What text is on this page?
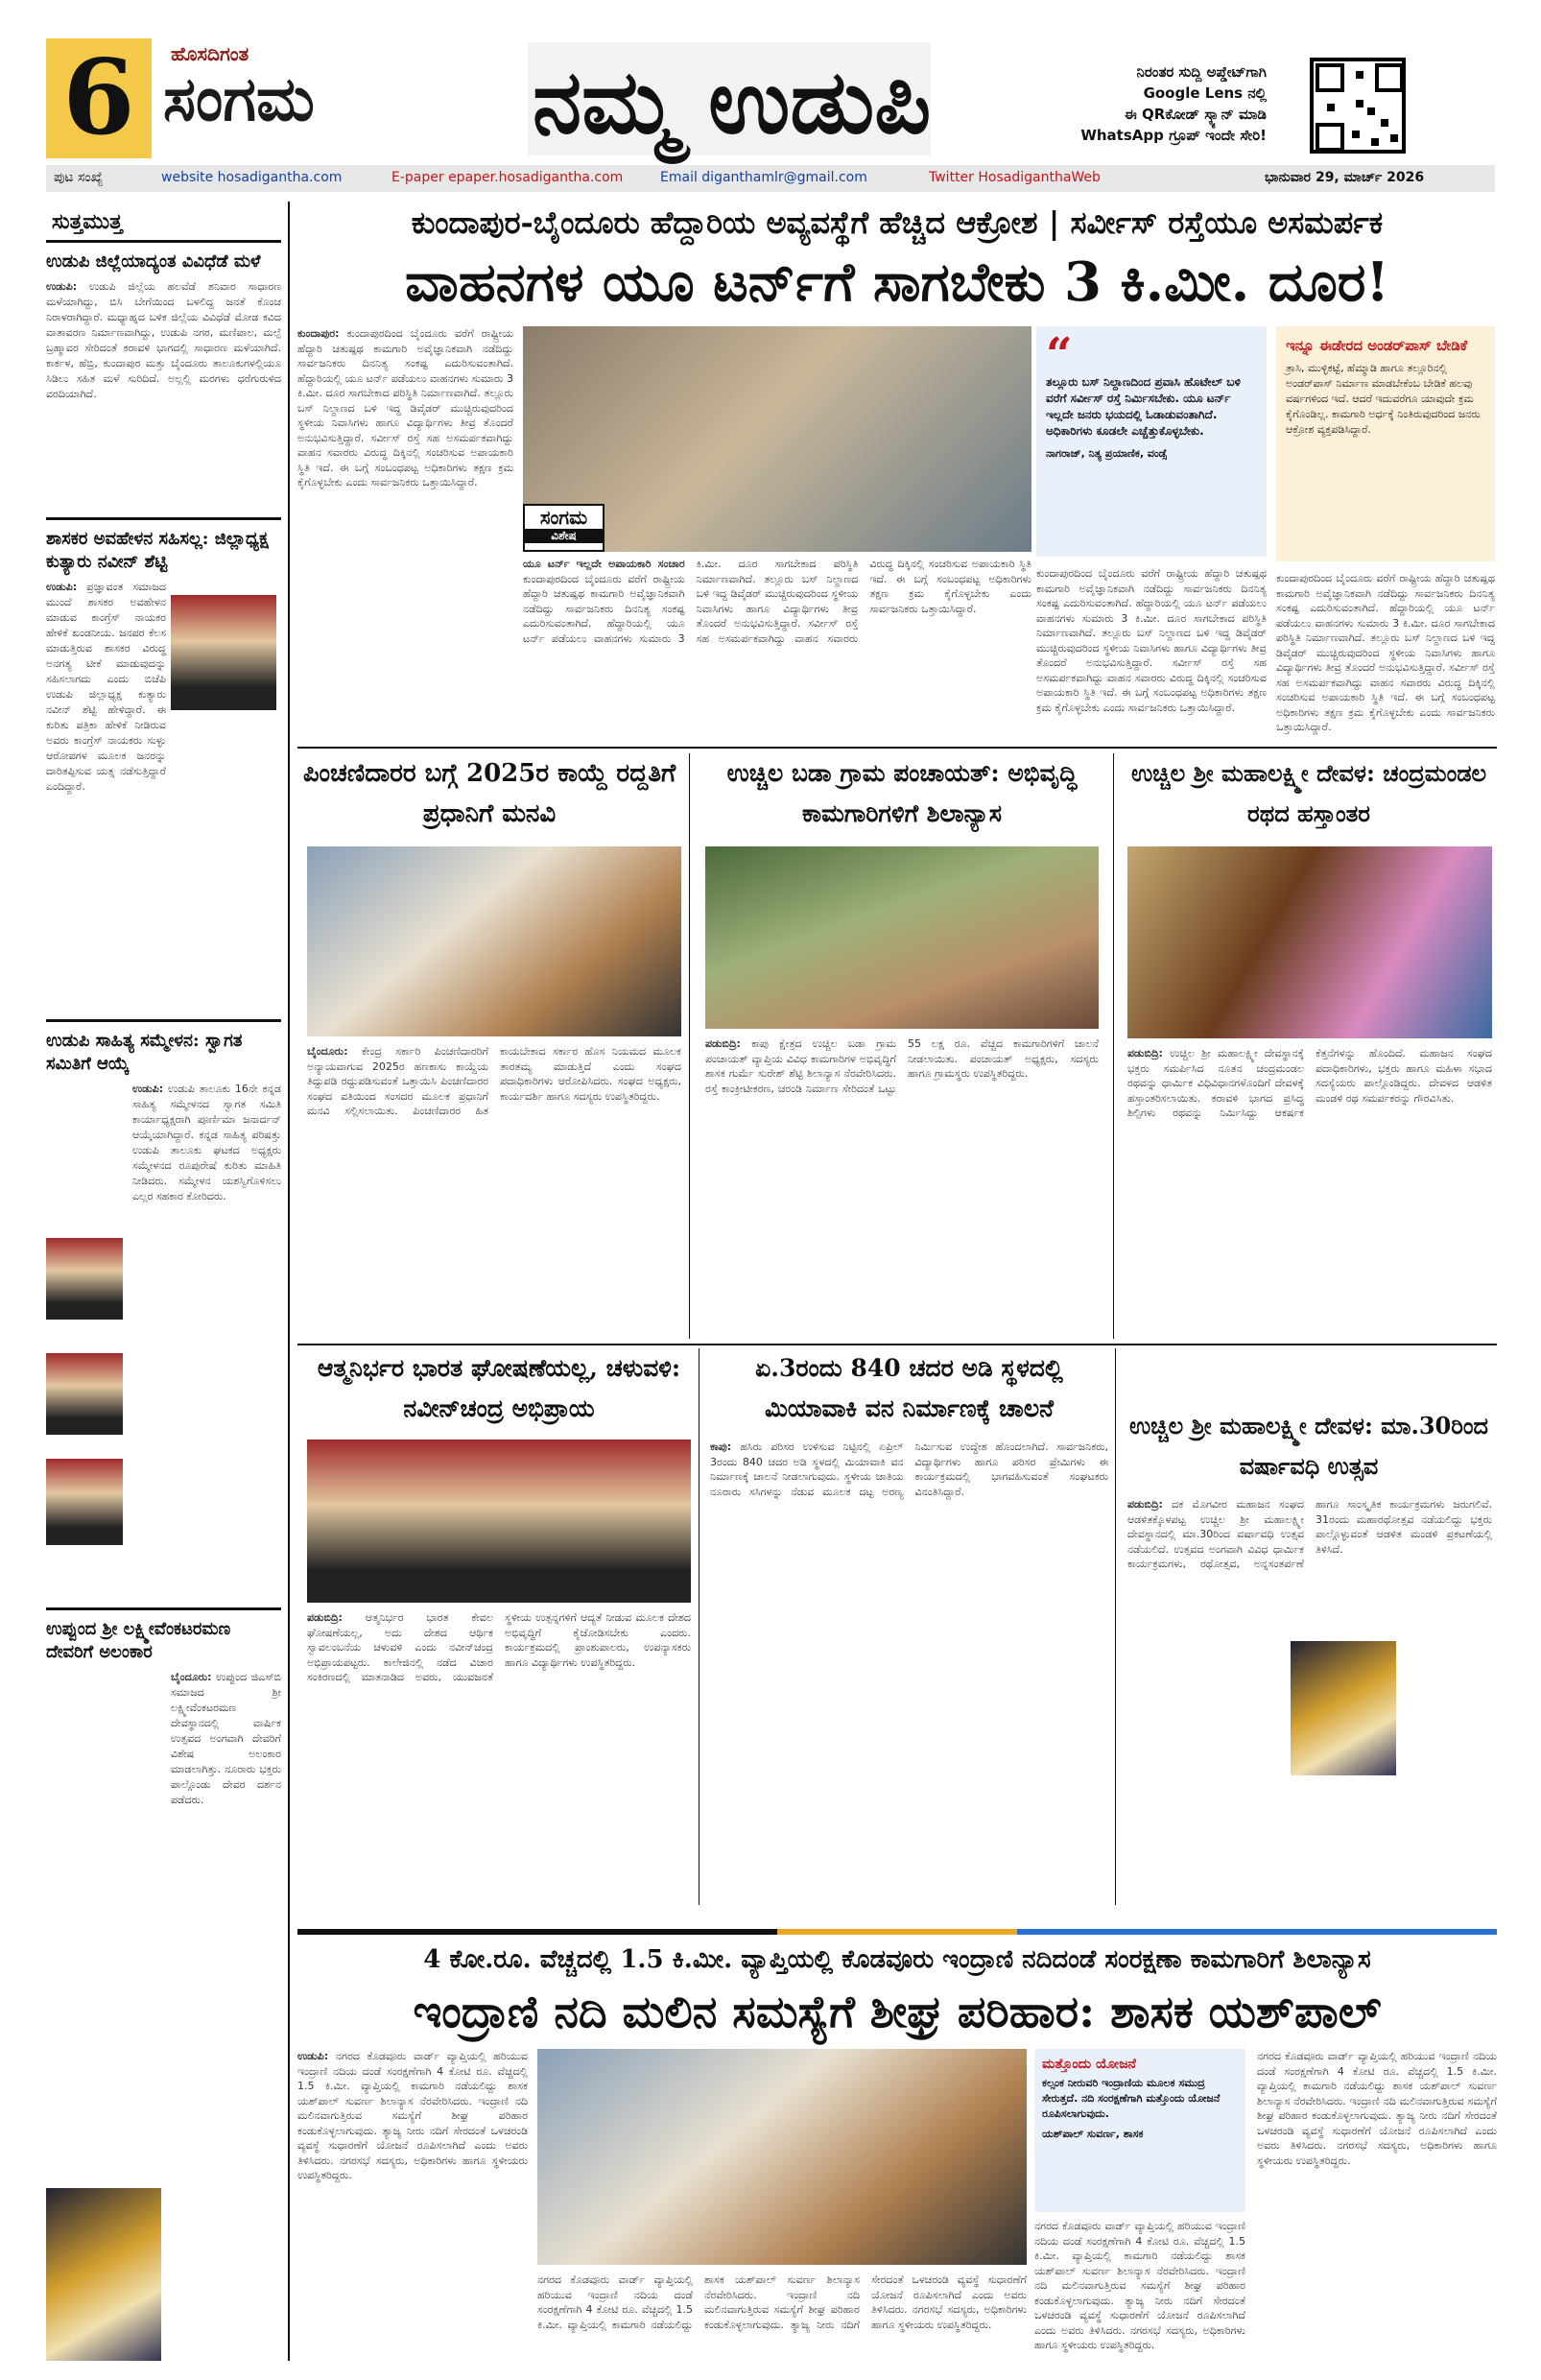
6	ಹೊಸದಿಗಂತ
ಸಂಗಮ ನಮ್ಮ ಉಡುಪಿ	ನಿರಂತರ ಸುದ್ದಿ ಅಪ್ಡೇಟ್‌ಗಾಗಿ
Google Lens ನಲ್ಲಿ
ಈ QRಕೋಡ್ ಸ್ಕ್ಯಾನ್ ಮಾಡಿ
WhatsApp ಗ್ರೂಪ್ ಇಂದೇ ಸೇರಿ!
ಪುಟ ಸಂಖ್ಯೆ	website hosadigantha.com	E-paper epaper.hosadigantha.com	Email diganthamlr@gmail.com	Twitter HosadiganthaWeb	ಭಾನುವಾರ 29, ಮಾರ್ಚ್ 2026
ಸುತ್ತಮುತ್ತ
ಉಡುಪಿ ಜಿಲ್ಲೆಯಾದ್ಯಂತ ವಿವಿಧೆಡೆ ಮಳೆ
ಉಡುಪಿ: ಉಡುಪಿ ಜಿಲ್ಲೆಯ ಹಲವೆಡೆ ಶನಿವಾರ ಸಾಧಾರಣ ಮಳೆಯಾಗಿದ್ದು, ಬಿಸಿ ಬೇಗೆಯಿಂದ ಬಳಲಿದ್ದ ಜನತೆ ಕೊಂಚ ನಿರಾಳರಾಗಿದ್ದಾರೆ. ಮಧ್ಯಾಹ್ನದ ಬಳಿಕ ಜಿಲ್ಲೆಯ ವಿವಿಧೆಡೆ ಮೋಡ ಕವಿದ ವಾತಾವರಣ ನಿರ್ಮಾಣವಾಗಿದ್ದು, ಉಡುಪಿ ನಗರ, ಮಣಿಪಾಲ, ಮಲ್ಪೆ ಬ್ರಹ್ಮಾವರ ಸೇರಿದಂತೆ ಕರಾವಳಿ ಭಾಗದಲ್ಲಿ ಸಾಧಾರಣ ಮಳೆಯಾಗಿದೆ. ಕಾರ್ಕಳ, ಹೆಬ್ರಿ, ಕುಂದಾಪುರ ಮತ್ತು ಬೈಂದೂರು ತಾಲೂಕುಗಳಲ್ಲಿಯೂ ಸಿಡಿಲು ಸಹಿತ ಮಳೆ ಸುರಿದಿದೆ. ಅಲ್ಲಲ್ಲಿ ಮರಗಳು ಧರೆಗುರುಳಿದ ವರದಿಯಾಗಿದೆ.
ಶಾಸಕರ ಅವಹೇಳನ ಸಹಿಸಲ್ಲ: ಜಿಲ್ಲಾಧ್ಯಕ್ಷ ಕುತ್ಯಾರು ನವೀನ್ ಶೆಟ್ಟಿ
ಉಡುಪಿ: ಪ್ರಜ್ಞಾವಂತ ಸಮಾಜದ ಮುಂದೆ ಶಾಸಕರ ಅವಹೇಳನ ಮಾಡುವ ಕಾಂಗ್ರೆಸ್ ನಾಯಕರ ಹೇಳಿಕೆ ಖಂಡನೀಯ. ಜನಪರ ಕೆಲಸ ಮಾಡುತ್ತಿರುವ ಶಾಸಕರ ವಿರುದ್ಧ ಅನಗತ್ಯ ಟೀಕೆ ಮಾಡುವುದನ್ನು ಸಹಿಸಲಾಗದು ಎಂದು ಬಿಜೆಪಿ ಉಡುಪಿ ಜಿಲ್ಲಾಧ್ಯಕ್ಷ ಕುತ್ಯಾರು ನವೀನ್ ಶೆಟ್ಟಿ ಹೇಳಿದ್ದಾರೆ. ಈ ಕುರಿತು ಪತ್ರಿಕಾ ಹೇಳಿಕೆ ನೀಡಿರುವ ಅವರು ಕಾಂಗ್ರೆಸ್ ನಾಯಕರು ಸುಳ್ಳು ಆರೋಪಗಳ ಮೂಲಕ ಜನರನ್ನು ದಾರಿತಪ್ಪಿಸುವ ಯತ್ನ ನಡೆಸುತ್ತಿದ್ದಾರೆ ಎಂದಿದ್ದಾರೆ.
ಉಡುಪಿ ಸಾಹಿತ್ಯ ಸಮ್ಮೇಳನ: ಸ್ವಾಗತ ಸಮಿತಿಗೆ ಆಯ್ಕೆ
ಉಡುಪಿ: ಉಡುಪಿ ತಾಲೂಕು 16ನೇ ಕನ್ನಡ ಸಾಹಿತ್ಯ ಸಮ್ಮೇಳನದ ಸ್ವಾಗತ ಸಮಿತಿ ಕಾರ್ಯಾಧ್ಯಕ್ಷರಾಗಿ ಪೂರ್ಣಿಮಾ ಜನಾರ್ದನ್ ಆಯ್ಕೆಯಾಗಿದ್ದಾರೆ. ಕನ್ನಡ ಸಾಹಿತ್ಯ ಪರಿಷತ್ತು ಉಡುಪಿ ತಾಲೂಕು ಘಟಕದ ಅಧ್ಯಕ್ಷರು ಸಮ್ಮೇಳನದ ರೂಪುರೇಷೆ ಕುರಿತು ಮಾಹಿತಿ ನೀಡಿದರು. ಸಮ್ಮೇಳನ ಯಶಸ್ವಿಗೊಳಿಸಲು ಎಲ್ಲರ ಸಹಕಾರ ಕೋರಿದರು.
ಉಪ್ಪುಂದ ಶ್ರೀ ಲಕ್ಷ್ಮೀವೆಂಕಟರಮಣ ದೇವರಿಗೆ ಅಲಂಕಾರ
ಬೈಂದೂರು: ಉಪ್ಪುಂದ ಜಿಎಸ್‌ಬಿ ಸಮಾಜದ ಶ್ರೀ ಲಕ್ಷ್ಮೀವೆಂಕಟರಮಣ ದೇವಸ್ಥಾನದಲ್ಲಿ ವಾರ್ಷಿಕ ಉತ್ಸವದ ಅಂಗವಾಗಿ ದೇವರಿಗೆ ವಿಶೇಷ ಅಲಂಕಾರ ಮಾಡಲಾಗಿತ್ತು. ನೂರಾರು ಭಕ್ತರು ಪಾಲ್ಗೊಂಡು ದೇವರ ದರ್ಶನ ಪಡೆದರು.
ಕುಂದಾಪುರ-ಬೈಂದೂರು ಹೆದ್ದಾರಿಯ ಅವ್ಯವಸ್ಥೆಗೆ ಹೆಚ್ಚಿದ ಆಕ್ರೋಶ | ಸರ್ವೀಸ್ ರಸ್ತೆಯೂ ಅಸಮರ್ಪಕ
ವಾಹನಗಳ ಯೂ ಟರ್ನ್‌ಗೆ ಸಾಗಬೇಕು 3 ಕಿ.ಮೀ. ದೂರ!
ಸಂಗಮ
ವಿಶೇಷ
ಕುಂದಾಪುರ: ಕುಂದಾಪುರದಿಂದ ಬೈಂದೂರು ವರೆಗೆ ರಾಷ್ಟ್ರೀಯ ಹೆದ್ದಾರಿ ಚತುಷ್ಪಥ ಕಾಮಗಾರಿ ಅವೈಜ್ಞಾನಿಕವಾಗಿ ನಡೆದಿದ್ದು ಸಾರ್ವಜನಿಕರು ದಿನನಿತ್ಯ ಸಂಕಷ್ಟ ಎದುರಿಸುವಂತಾಗಿದೆ. ಹೆದ್ದಾರಿಯಲ್ಲಿ ಯೂ ಟರ್ನ್ ಪಡೆಯಲು ವಾಹನಗಳು ಸುಮಾರು 3 ಕಿ.ಮೀ. ದೂರ ಸಾಗಬೇಕಾದ ಪರಿಸ್ಥಿತಿ ನಿರ್ಮಾಣವಾಗಿದೆ. ತಲ್ಲೂರು ಬಸ್ ನಿಲ್ದಾಣದ ಬಳಿ ಇದ್ದ ಡಿವೈಡರ್ ಮುಚ್ಚಿರುವುದರಿಂದ ಸ್ಥಳೀಯ ನಿವಾಸಿಗಳು ಹಾಗೂ ವಿದ್ಯಾರ್ಥಿಗಳು ತೀವ್ರ ತೊಂದರೆ ಅನುಭವಿಸುತ್ತಿದ್ದಾರೆ. ಸರ್ವೀಸ್ ರಸ್ತೆ ಸಹ ಅಸಮರ್ಪಕವಾಗಿದ್ದು ವಾಹನ ಸವಾರರು ವಿರುದ್ಧ ದಿಕ್ಕಿನಲ್ಲಿ ಸಂಚರಿಸುವ ಅಪಾಯಕಾರಿ ಸ್ಥಿತಿ ಇದೆ. ಈ ಬಗ್ಗೆ ಸಂಬಂಧಪಟ್ಟ ಅಧಿಕಾರಿಗಳು ತಕ್ಷಣ ಕ್ರಮ ಕೈಗೊಳ್ಳಬೇಕು ಎಂದು ಸಾರ್ವಜನಿಕರು ಒತ್ತಾಯಿಸಿದ್ದಾರೆ.
ಯೂ ಟರ್ನ್ ಇಲ್ಲದೇ ಅಪಾಯಕಾರಿ ಸಂಚಾರ ಕುಂದಾಪುರದಿಂದ ಬೈಂದೂರು ವರೆಗೆ ರಾಷ್ಟ್ರೀಯ ಹೆದ್ದಾರಿ ಚತುಷ್ಪಥ ಕಾಮಗಾರಿ ಅವೈಜ್ಞಾನಿಕವಾಗಿ ನಡೆದಿದ್ದು ಸಾರ್ವಜನಿಕರು ದಿನನಿತ್ಯ ಸಂಕಷ್ಟ ಎದುರಿಸುವಂತಾಗಿದೆ. ಹೆದ್ದಾರಿಯಲ್ಲಿ ಯೂ ಟರ್ನ್ ಪಡೆಯಲು ವಾಹನಗಳು ಸುಮಾರು 3 ಕಿ.ಮೀ. ದೂರ ಸಾಗಬೇಕಾದ ಪರಿಸ್ಥಿತಿ ನಿರ್ಮಾಣವಾಗಿದೆ. ತಲ್ಲೂರು ಬಸ್ ನಿಲ್ದಾಣದ ಬಳಿ ಇದ್ದ ಡಿವೈಡರ್ ಮುಚ್ಚಿರುವುದರಿಂದ ಸ್ಥಳೀಯ ನಿವಾಸಿಗಳು ಹಾಗೂ ವಿದ್ಯಾರ್ಥಿಗಳು ತೀವ್ರ ತೊಂದರೆ ಅನುಭವಿಸುತ್ತಿದ್ದಾರೆ. ಸರ್ವೀಸ್ ರಸ್ತೆ ಸಹ ಅಸಮರ್ಪಕವಾಗಿದ್ದು ವಾಹನ ಸವಾರರು ವಿರುದ್ಧ ದಿಕ್ಕಿನಲ್ಲಿ ಸಂಚರಿಸುವ ಅಪಾಯಕಾರಿ ಸ್ಥಿತಿ ಇದೆ. ಈ ಬಗ್ಗೆ ಸಂಬಂಧಪಟ್ಟ ಅಧಿಕಾರಿಗಳು ತಕ್ಷಣ ಕ್ರಮ ಕೈಗೊಳ್ಳಬೇಕು ಎಂದು ಸಾರ್ವಜನಿಕರು ಒತ್ತಾಯಿಸಿದ್ದಾರೆ.
“
ತಲ್ಲೂರು ಬಸ್ ನಿಲ್ದಾಣದಿಂದ ಪ್ರವಾಸಿ ಹೊಟೇಲ್ ಬಳಿ ವರೆಗೆ ಸರ್ವೀಸ್ ರಸ್ತೆ ನಿರ್ಮಿಸಬೇಕು. ಯೂ ಟರ್ನ್ ಇಲ್ಲದೇ ಜನರು ಭಯದಲ್ಲಿ ಓಡಾಡುವಂತಾಗಿದೆ. ಅಧಿಕಾರಿಗಳು ಕೂಡಲೇ ಎಚ್ಚೆತ್ತುಕೊಳ್ಳಬೇಕು.
ನಾಗರಾಜ್, ನಿತ್ಯ ಪ್ರಯಾಣಿಕ, ವಂಡ್ಸೆ
ಕುಂದಾಪುರದಿಂದ ಬೈಂದೂರು ವರೆಗೆ ರಾಷ್ಟ್ರೀಯ ಹೆದ್ದಾರಿ ಚತುಷ್ಪಥ ಕಾಮಗಾರಿ ಅವೈಜ್ಞಾನಿಕವಾಗಿ ನಡೆದಿದ್ದು ಸಾರ್ವಜನಿಕರು ದಿನನಿತ್ಯ ಸಂಕಷ್ಟ ಎದುರಿಸುವಂತಾಗಿದೆ. ಹೆದ್ದಾರಿಯಲ್ಲಿ ಯೂ ಟರ್ನ್ ಪಡೆಯಲು ವಾಹನಗಳು ಸುಮಾರು 3 ಕಿ.ಮೀ. ದೂರ ಸಾಗಬೇಕಾದ ಪರಿಸ್ಥಿತಿ ನಿರ್ಮಾಣವಾಗಿದೆ. ತಲ್ಲೂರು ಬಸ್ ನಿಲ್ದಾಣದ ಬಳಿ ಇದ್ದ ಡಿವೈಡರ್ ಮುಚ್ಚಿರುವುದರಿಂದ ಸ್ಥಳೀಯ ನಿವಾಸಿಗಳು ಹಾಗೂ ವಿದ್ಯಾರ್ಥಿಗಳು ತೀವ್ರ ತೊಂದರೆ ಅನುಭವಿಸುತ್ತಿದ್ದಾರೆ. ಸರ್ವೀಸ್ ರಸ್ತೆ ಸಹ ಅಸಮರ್ಪಕವಾಗಿದ್ದು ವಾಹನ ಸವಾರರು ವಿರುದ್ಧ ದಿಕ್ಕಿನಲ್ಲಿ ಸಂಚರಿಸುವ ಅಪಾಯಕಾರಿ ಸ್ಥಿತಿ ಇದೆ. ಈ ಬಗ್ಗೆ ಸಂಬಂಧಪಟ್ಟ ಅಧಿಕಾರಿಗಳು ತಕ್ಷಣ ಕ್ರಮ ಕೈಗೊಳ್ಳಬೇಕು ಎಂದು ಸಾರ್ವಜನಿಕರು ಒತ್ತಾಯಿಸಿದ್ದಾರೆ.
ಇನ್ನೂ ಈಡೇರದ ಅಂಡರ್‌ಪಾಸ್ ಬೇಡಿಕೆ
ತ್ರಾಸಿ, ಮುಳ್ಳಿಕಟ್ಟೆ, ಹೆಮ್ಮಾಡಿ ಹಾಗೂ ತಲ್ಲೂರಿನಲ್ಲಿ ಅಂಡರ್‌ಪಾಸ್ ನಿರ್ಮಾಣ ಮಾಡಬೇಕೆಂಬ ಬೇಡಿಕೆ ಹಲವು ವರ್ಷಗಳಿಂದ ಇದೆ. ಆದರೆ ಇದುವರೆಗೂ ಯಾವುದೇ ಕ್ರಮ ಕೈಗೊಂಡಿಲ್ಲ. ಕಾಮಗಾರಿ ಅರ್ಧಕ್ಕೆ ನಿಂತಿರುವುದರಿಂದ ಜನರು ಆಕ್ರೋಶ ವ್ಯಕ್ತಪಡಿಸಿದ್ದಾರೆ.
ಕುಂದಾಪುರದಿಂದ ಬೈಂದೂರು ವರೆಗೆ ರಾಷ್ಟ್ರೀಯ ಹೆದ್ದಾರಿ ಚತುಷ್ಪಥ ಕಾಮಗಾರಿ ಅವೈಜ್ಞಾನಿಕವಾಗಿ ನಡೆದಿದ್ದು ಸಾರ್ವಜನಿಕರು ದಿನನಿತ್ಯ ಸಂಕಷ್ಟ ಎದುರಿಸುವಂತಾಗಿದೆ. ಹೆದ್ದಾರಿಯಲ್ಲಿ ಯೂ ಟರ್ನ್ ಪಡೆಯಲು ವಾಹನಗಳು ಸುಮಾರು 3 ಕಿ.ಮೀ. ದೂರ ಸಾಗಬೇಕಾದ ಪರಿಸ್ಥಿತಿ ನಿರ್ಮಾಣವಾಗಿದೆ. ತಲ್ಲೂರು ಬಸ್ ನಿಲ್ದಾಣದ ಬಳಿ ಇದ್ದ ಡಿವೈಡರ್ ಮುಚ್ಚಿರುವುದರಿಂದ ಸ್ಥಳೀಯ ನಿವಾಸಿಗಳು ಹಾಗೂ ವಿದ್ಯಾರ್ಥಿಗಳು ತೀವ್ರ ತೊಂದರೆ ಅನುಭವಿಸುತ್ತಿದ್ದಾರೆ. ಸರ್ವೀಸ್ ರಸ್ತೆ ಸಹ ಅಸಮರ್ಪಕವಾಗಿದ್ದು ವಾಹನ ಸವಾರರು ವಿರುದ್ಧ ದಿಕ್ಕಿನಲ್ಲಿ ಸಂಚರಿಸುವ ಅಪಾಯಕಾರಿ ಸ್ಥಿತಿ ಇದೆ. ಈ ಬಗ್ಗೆ ಸಂಬಂಧಪಟ್ಟ ಅಧಿಕಾರಿಗಳು ತಕ್ಷಣ ಕ್ರಮ ಕೈಗೊಳ್ಳಬೇಕು ಎಂದು ಸಾರ್ವಜನಿಕರು ಒತ್ತಾಯಿಸಿದ್ದಾರೆ.
ಪಿಂಚಣಿದಾರರ ಬಗ್ಗೆ 2025ರ ಕಾಯ್ದೆ ರದ್ದತಿಗೆ ಪ್ರಧಾನಿಗೆ ಮನವಿ
ಬೈಂದೂರು: ಕೇಂದ್ರ ಸರ್ಕಾರಿ ಪಿಂಚಣಿದಾರರಿಗೆ ಅನ್ಯಾಯವಾಗುವ 2025ರ ಹಣಕಾಸು ಕಾಯ್ದೆಯ ತಿದ್ದುಪಡಿ ರದ್ದುಪಡಿಸುವಂತೆ ಒತ್ತಾಯಿಸಿ ಪಿಂಚಣಿದಾರರ ಸಂಘದ ವತಿಯಿಂದ ಸಂಸದರ ಮೂಲಕ ಪ್ರಧಾನಿಗೆ ಮನವಿ ಸಲ್ಲಿಸಲಾಯಿತು. ಪಿಂಚಣಿದಾರರ ಹಿತ ಕಾಯಬೇಕಾದ ಸರ್ಕಾರ ಹೊಸ ನಿಯಮದ ಮೂಲಕ ತಾರತಮ್ಯ ಮಾಡುತ್ತಿದೆ ಎಂದು ಸಂಘದ ಪದಾಧಿಕಾರಿಗಳು ಆರೋಪಿಸಿದರು. ಸಂಘದ ಅಧ್ಯಕ್ಷರು, ಕಾರ್ಯದರ್ಶಿ ಹಾಗೂ ಸದಸ್ಯರು ಉಪಸ್ಥಿತರಿದ್ದರು.
ಉಚ್ಚಿಲ ಬಡಾ ಗ್ರಾಮ ಪಂಚಾಯತ್: ಅಭಿವೃದ್ಧಿ ಕಾಮಗಾರಿಗಳಿಗೆ ಶಿಲಾನ್ಯಾಸ
ಪಡುಬಿದ್ರಿ: ಕಾಪು ಕ್ಷೇತ್ರದ ಉಚ್ಚಿಲ ಬಡಾ ಗ್ರಾಮ ಪಂಚಾಯತ್ ವ್ಯಾಪ್ತಿಯ ವಿವಿಧ ಕಾಮಗಾರಿಗಳ ಅಭಿವೃದ್ಧಿಗೆ ಶಾಸಕ ಗುರ್ಮೆ ಸುರೇಶ್ ಶೆಟ್ಟಿ ಶಿಲಾನ್ಯಾಸ ನೆರವೇರಿಸಿದರು. ರಸ್ತೆ ಕಾಂಕ್ರೀಟೀಕರಣ, ಚರಂಡಿ ನಿರ್ಮಾಣ ಸೇರಿದಂತೆ ಒಟ್ಟು 55 ಲಕ್ಷ ರೂ. ವೆಚ್ಚದ ಕಾಮಗಾರಿಗಳಿಗೆ ಚಾಲನೆ ನೀಡಲಾಯಿತು. ಪಂಚಾಯತ್ ಅಧ್ಯಕ್ಷರು, ಸದಸ್ಯರು ಹಾಗೂ ಗ್ರಾಮಸ್ಥರು ಉಪಸ್ಥಿತರಿದ್ದರು.
ಉಚ್ಚಿಲ ಶ್ರೀ ಮಹಾಲಕ್ಷ್ಮೀ ದೇವಳ: ಚಂದ್ರಮಂಡಲ ರಥದ ಹಸ್ತಾಂತರ
ಪಡುಬಿದ್ರಿ: ಉಚ್ಚಿಲ ಶ್ರೀ ಮಹಾಲಕ್ಷ್ಮೀ ದೇವಸ್ಥಾನಕ್ಕೆ ಭಕ್ತರು ಸಮರ್ಪಿಸಿದ ನೂತನ ಚಂದ್ರಮಂಡಲ ರಥವನ್ನು ಧಾರ್ಮಿಕ ವಿಧಿವಿಧಾನಗಳೊಂದಿಗೆ ದೇವಳಕ್ಕೆ ಹಸ್ತಾಂತರಿಸಲಾಯಿತು. ಕರಾವಳಿ ಭಾಗದ ಪ್ರಸಿದ್ಧ ಶಿಲ್ಪಿಗಳು ರಥವನ್ನು ನಿರ್ಮಿಸಿದ್ದು ಆಕರ್ಷಕ ಕೆತ್ತನೆಗಳನ್ನು ಹೊಂದಿದೆ. ಮಹಾಜನ ಸಂಘದ ಪದಾಧಿಕಾರಿಗಳು, ಭಕ್ತರು ಹಾಗೂ ಮಹಿಳಾ ಸಭಾದ ಸದಸ್ಯೆಯರು ಪಾಲ್ಗೊಂಡಿದ್ದರು. ದೇವಳದ ಆಡಳಿತ ಮಂಡಳಿ ರಥ ಸಮರ್ಪಕರನ್ನು ಗೌರವಿಸಿತು.
ಆತ್ಮನಿರ್ಭರ ಭಾರತ ಘೋಷಣೆಯಲ್ಲ, ಚಳುವಳಿ: ನವೀನ್‌ಚಂದ್ರ ಅಭಿಪ್ರಾಯ
ಪಡುಬಿದ್ರಿ: ಆತ್ಮನಿರ್ಭರ ಭಾರತ ಕೇವಲ ಘೋಷಣೆಯಲ್ಲ, ಅದು ದೇಶದ ಆರ್ಥಿಕ ಸ್ವಾವಲಂಬನೆಯ ಚಳುವಳಿ ಎಂದು ನವೀನ್‌ಚಂದ್ರ ಅಭಿಪ್ರಾಯಪಟ್ಟರು. ಕಾಲೇಜಿನಲ್ಲಿ ನಡೆದ ವಿಚಾರ ಸಂಕಿರಣದಲ್ಲಿ ಮಾತನಾಡಿದ ಅವರು, ಯುವಜನತೆ ಸ್ಥಳೀಯ ಉತ್ಪನ್ನಗಳಿಗೆ ಆದ್ಯತೆ ನೀಡುವ ಮೂಲಕ ದೇಶದ ಅಭಿವೃದ್ಧಿಗೆ ಕೈಜೋಡಿಸಬೇಕು ಎಂದರು. ಕಾರ್ಯಕ್ರಮದಲ್ಲಿ ಪ್ರಾಂಶುಪಾಲರು, ಉಪನ್ಯಾಸಕರು ಹಾಗೂ ವಿದ್ಯಾರ್ಥಿಗಳು ಉಪಸ್ಥಿತರಿದ್ದರು.
ಏ.3ರಂದು 840 ಚದರ ಅಡಿ ಸ್ಥಳದಲ್ಲಿ ಮಿಯಾವಾಕಿ ವನ ನಿರ್ಮಾಣಕ್ಕೆ ಚಾಲನೆ
ಕಾಪು: ಹಸಿರು ಪರಿಸರ ಉಳಿಸುವ ನಿಟ್ಟಿನಲ್ಲಿ ಏಪ್ರಿಲ್ 3ರಂದು 840 ಚದರ ಅಡಿ ಸ್ಥಳದಲ್ಲಿ ಮಿಯಾವಾಕಿ ವನ ನಿರ್ಮಾಣಕ್ಕೆ ಚಾಲನೆ ನೀಡಲಾಗುವುದು. ಸ್ಥಳೀಯ ಜಾತಿಯ ನೂರಾರು ಸಸಿಗಳನ್ನು ನೆಡುವ ಮೂಲಕ ದಟ್ಟ ಅರಣ್ಯ ನಿರ್ಮಿಸುವ ಉದ್ದೇಶ ಹೊಂದಲಾಗಿದೆ. ಸಾರ್ವಜನಿಕರು, ವಿದ್ಯಾರ್ಥಿಗಳು ಹಾಗೂ ಪರಿಸರ ಪ್ರೇಮಿಗಳು ಈ ಕಾರ್ಯಕ್ರಮದಲ್ಲಿ ಭಾಗವಹಿಸುವಂತೆ ಸಂಘಟಕರು ವಿನಂತಿಸಿದ್ದಾರೆ.
ಉಚ್ಚಿಲ ಶ್ರೀ ಮಹಾಲಕ್ಷ್ಮೀ ದೇವಳ: ಮಾ.30ರಿಂದ ವರ್ಷಾವಧಿ ಉತ್ಸವ
ಪಡುಬಿದ್ರಿ: ದಕ ಮೊಗವೀರ ಮಹಾಜನ ಸಂಘದ ಆಡಳಿತಕ್ಕೊಳಪಟ್ಟ ಉಚ್ಚಿಲ ಶ್ರೀ ಮಹಾಲಕ್ಷ್ಮೀ ದೇವಸ್ಥಾನದಲ್ಲಿ ಮಾ.30ರಿಂದ ವರ್ಷಾವಧಿ ಉತ್ಸವ ನಡೆಯಲಿದೆ. ಉತ್ಸವದ ಅಂಗವಾಗಿ ವಿವಿಧ ಧಾರ್ಮಿಕ ಕಾರ್ಯಕ್ರಮಗಳು, ರಥೋತ್ಸವ, ಅನ್ನಸಂತರ್ಪಣೆ ಹಾಗೂ ಸಾಂಸ್ಕೃತಿಕ ಕಾರ್ಯಕ್ರಮಗಳು ಜರುಗಲಿವೆ. 31ರಂದು ಮಹಾರಥೋತ್ಸವ ನಡೆಯಲಿದ್ದು ಭಕ್ತರು ಪಾಲ್ಗೊಳ್ಳುವಂತೆ ಆಡಳಿತ ಮಂಡಳಿ ಪ್ರಕಟಣೆಯಲ್ಲಿ ತಿಳಿಸಿದೆ.
4 ಕೋ.ರೂ. ವೆಚ್ಚದಲ್ಲಿ 1.5 ಕಿ.ಮೀ. ವ್ಯಾಪ್ತಿಯಲ್ಲಿ ಕೊಡವೂರು ಇಂದ್ರಾಣಿ ನದಿದಂಡೆ ಸಂರಕ್ಷಣಾ ಕಾಮಗಾರಿಗೆ ಶಿಲಾನ್ಯಾಸ
ಇಂದ್ರಾಣಿ ನದಿ ಮಲಿನ ಸಮಸ್ಯೆಗೆ ಶೀಘ್ರ ಪರಿಹಾರ: ಶಾಸಕ ಯಶ್‌ಪಾಲ್
ಉಡುಪಿ: ನಗರದ ಕೊಡವೂರು ವಾರ್ಡ್ ವ್ಯಾಪ್ತಿಯಲ್ಲಿ ಹರಿಯುವ ಇಂದ್ರಾಣಿ ನದಿಯ ದಂಡೆ ಸಂರಕ್ಷಣೆಗಾಗಿ 4 ಕೋಟಿ ರೂ. ವೆಚ್ಚದಲ್ಲಿ 1.5 ಕಿ.ಮೀ. ವ್ಯಾಪ್ತಿಯಲ್ಲಿ ಕಾಮಗಾರಿ ನಡೆಯಲಿದ್ದು ಶಾಸಕ ಯಶ್‌ಪಾಲ್ ಸುವರ್ಣ ಶಿಲಾನ್ಯಾಸ ನೆರವೇರಿಸಿದರು. ಇಂದ್ರಾಣಿ ನದಿ ಮಲಿನವಾಗುತ್ತಿರುವ ಸಮಸ್ಯೆಗೆ ಶೀಘ್ರ ಪರಿಹಾರ ಕಂಡುಕೊಳ್ಳಲಾಗುವುದು. ತ್ಯಾಜ್ಯ ನೀರು ನದಿಗೆ ಸೇರದಂತೆ ಒಳಚರಂಡಿ ವ್ಯವಸ್ಥೆ ಸುಧಾರಣೆಗೆ ಯೋಜನೆ ರೂಪಿಸಲಾಗಿದೆ ಎಂದು ಅವರು ತಿಳಿಸಿದರು. ನಗರಸಭೆ ಸದಸ್ಯರು, ಅಧಿಕಾರಿಗಳು ಹಾಗೂ ಸ್ಥಳೀಯರು ಉಪಸ್ಥಿತರಿದ್ದರು.
ನಗರದ ಕೊಡವೂರು ವಾರ್ಡ್ ವ್ಯಾಪ್ತಿಯಲ್ಲಿ ಹರಿಯುವ ಇಂದ್ರಾಣಿ ನದಿಯ ದಂಡೆ ಸಂರಕ್ಷಣೆಗಾಗಿ 4 ಕೋಟಿ ರೂ. ವೆಚ್ಚದಲ್ಲಿ 1.5 ಕಿ.ಮೀ. ವ್ಯಾಪ್ತಿಯಲ್ಲಿ ಕಾಮಗಾರಿ ನಡೆಯಲಿದ್ದು ಶಾಸಕ ಯಶ್‌ಪಾಲ್ ಸುವರ್ಣ ಶಿಲಾನ್ಯಾಸ ನೆರವೇರಿಸಿದರು. ಇಂದ್ರಾಣಿ ನದಿ ಮಲಿನವಾಗುತ್ತಿರುವ ಸಮಸ್ಯೆಗೆ ಶೀಘ್ರ ಪರಿಹಾರ ಕಂಡುಕೊಳ್ಳಲಾಗುವುದು. ತ್ಯಾಜ್ಯ ನೀರು ನದಿಗೆ ಸೇರದಂತೆ ಒಳಚರಂಡಿ ವ್ಯವಸ್ಥೆ ಸುಧಾರಣೆಗೆ ಯೋಜನೆ ರೂಪಿಸಲಾಗಿದೆ ಎಂದು ಅವರು ತಿಳಿಸಿದರು. ನಗರಸಭೆ ಸದಸ್ಯರು, ಅಧಿಕಾರಿಗಳು ಹಾಗೂ ಸ್ಥಳೀಯರು ಉಪಸ್ಥಿತರಿದ್ದರು.
ಮತ್ತೊಂದು ಯೋಜನೆ
ಕಲ್ಸಂಕ ನೀರುವರಿ ಇಂದ್ರಾಣಿಯ ಮೂಲಕ ಸಮುದ್ರ ಸೇರುತ್ತದೆ. ನದಿ ಸಂರಕ್ಷಣೆಗಾಗಿ ಮತ್ತೊಂದು ಯೋಜನೆ ರೂಪಿಸಲಾಗುವುದು.
ಯಶ್‌ಪಾಲ್ ಸುವರ್ಣ, ಶಾಸಕ
ನಗರದ ಕೊಡವೂರು ವಾರ್ಡ್ ವ್ಯಾಪ್ತಿಯಲ್ಲಿ ಹರಿಯುವ ಇಂದ್ರಾಣಿ ನದಿಯ ದಂಡೆ ಸಂರಕ್ಷಣೆಗಾಗಿ 4 ಕೋಟಿ ರೂ. ವೆಚ್ಚದಲ್ಲಿ 1.5 ಕಿ.ಮೀ. ವ್ಯಾಪ್ತಿಯಲ್ಲಿ ಕಾಮಗಾರಿ ನಡೆಯಲಿದ್ದು ಶಾಸಕ ಯಶ್‌ಪಾಲ್ ಸುವರ್ಣ ಶಿಲಾನ್ಯಾಸ ನೆರವೇರಿಸಿದರು. ಇಂದ್ರಾಣಿ ನದಿ ಮಲಿನವಾಗುತ್ತಿರುವ ಸಮಸ್ಯೆಗೆ ಶೀಘ್ರ ಪರಿಹಾರ ಕಂಡುಕೊಳ್ಳಲಾಗುವುದು. ತ್ಯಾಜ್ಯ ನೀರು ನದಿಗೆ ಸೇರದಂತೆ ಒಳಚರಂಡಿ ವ್ಯವಸ್ಥೆ ಸುಧಾರಣೆಗೆ ಯೋಜನೆ ರೂಪಿಸಲಾಗಿದೆ ಎಂದು ಅವರು ತಿಳಿಸಿದರು. ನಗರಸಭೆ ಸದಸ್ಯರು, ಅಧಿಕಾರಿಗಳು ಹಾಗೂ ಸ್ಥಳೀಯರು ಉಪಸ್ಥಿತರಿದ್ದರು.
ನಗರದ ಕೊಡವೂರು ವಾರ್ಡ್ ವ್ಯಾಪ್ತಿಯಲ್ಲಿ ಹರಿಯುವ ಇಂದ್ರಾಣಿ ನದಿಯ ದಂಡೆ ಸಂರಕ್ಷಣೆಗಾಗಿ 4 ಕೋಟಿ ರೂ. ವೆಚ್ಚದಲ್ಲಿ 1.5 ಕಿ.ಮೀ. ವ್ಯಾಪ್ತಿಯಲ್ಲಿ ಕಾಮಗಾರಿ ನಡೆಯಲಿದ್ದು ಶಾಸಕ ಯಶ್‌ಪಾಲ್ ಸುವರ್ಣ ಶಿಲಾನ್ಯಾಸ ನೆರವೇರಿಸಿದರು. ಇಂದ್ರಾಣಿ ನದಿ ಮಲಿನವಾಗುತ್ತಿರುವ ಸಮಸ್ಯೆಗೆ ಶೀಘ್ರ ಪರಿಹಾರ ಕಂಡುಕೊಳ್ಳಲಾಗುವುದು. ತ್ಯಾಜ್ಯ ನೀರು ನದಿಗೆ ಸೇರದಂತೆ ಒಳಚರಂಡಿ ವ್ಯವಸ್ಥೆ ಸುಧಾರಣೆಗೆ ಯೋಜನೆ ರೂಪಿಸಲಾಗಿದೆ ಎಂದು ಅವರು ತಿಳಿಸಿದರು. ನಗರಸಭೆ ಸದಸ್ಯರು, ಅಧಿಕಾರಿಗಳು ಹಾಗೂ ಸ್ಥಳೀಯರು ಉಪಸ್ಥಿತರಿದ್ದರು.
